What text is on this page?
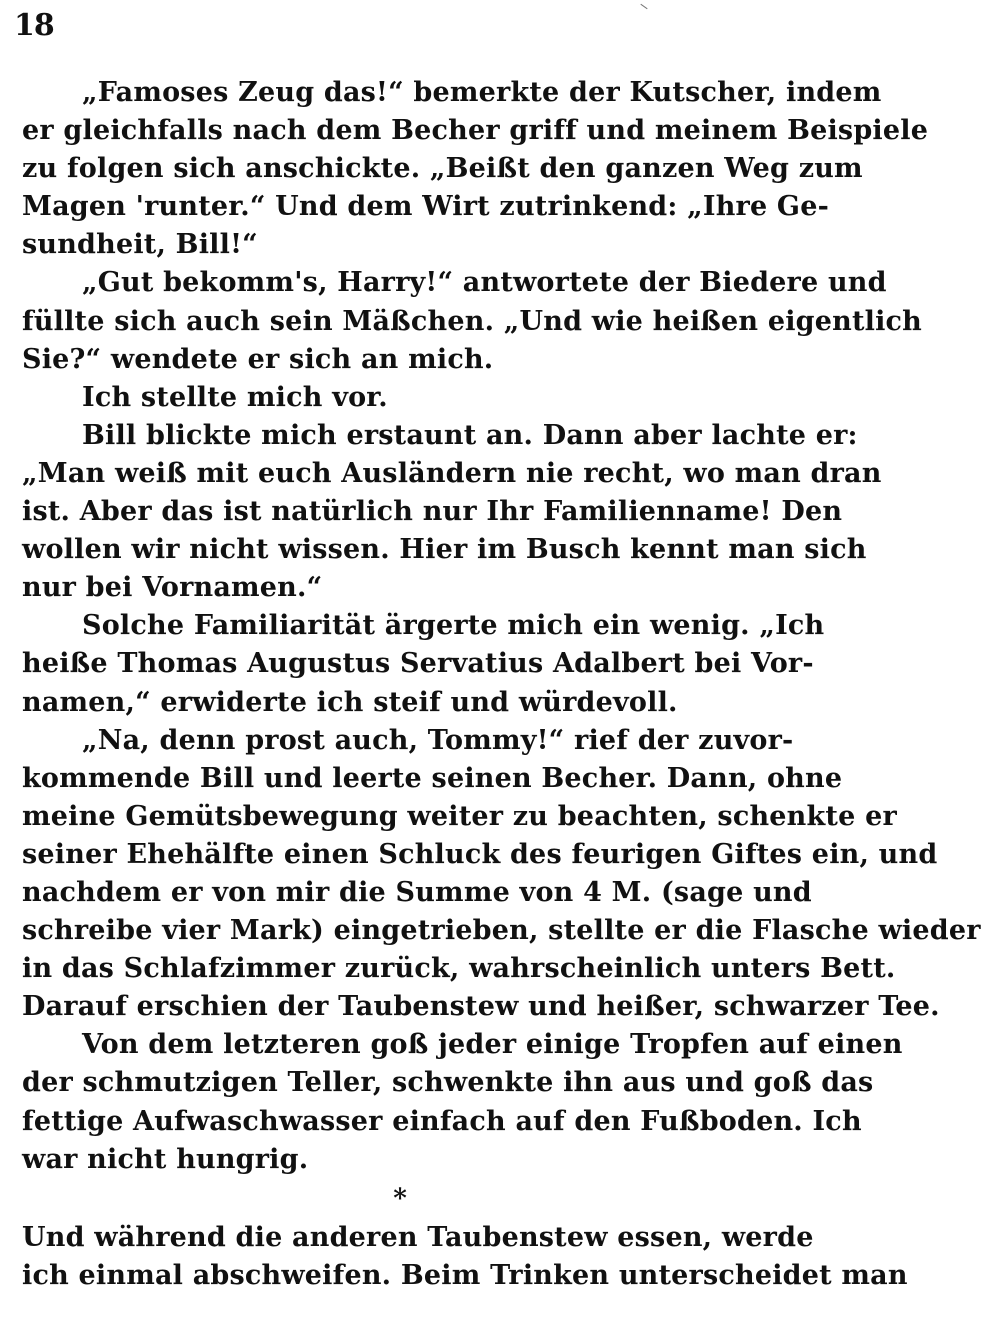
18
„Famoses Zeug das!“ bemerkte der Kutscher, indem
er gleichfalls nach dem Becher griff und meinem Beispiele
zu folgen sich anschickte. „Beißt den ganzen Weg zum
Magen 'runter.“ Und dem Wirt zutrinkend: „Ihre Ge-
sundheit, Bill!“
„Gut bekomm's, Harry!“ antwortete der Biedere und
füllte sich auch sein Mäßchen. „Und wie heißen eigentlich
Sie?“ wendete er sich an mich.
Ich stellte mich vor.
Bill blickte mich erstaunt an. Dann aber lachte er:
„Man weiß mit euch Ausländern nie recht, wo man dran
ist. Aber das ist natürlich nur Ihr Familienname! Den
wollen wir nicht wissen. Hier im Busch kennt man sich
nur bei Vornamen.“
Solche Familiarität ärgerte mich ein wenig. „Ich
heiße Thomas Augustus Servatius Adalbert bei Vor-
namen,“ erwiderte ich steif und würdevoll.
„Na, denn prost auch, Tommy!“ rief der zuvor-
kommende Bill und leerte seinen Becher. Dann, ohne
meine Gemütsbewegung weiter zu beachten, schenkte er
seiner Ehehälfte einen Schluck des feurigen Giftes ein, und
nachdem er von mir die Summe von 4 M. (sage und
schreibe vier Mark) eingetrieben, stellte er die Flasche wieder
in das Schlafzimmer zurück, wahrscheinlich unters Bett.
Darauf erschien der Taubenstew und heißer, schwarzer Tee.
Von dem letzteren goß jeder einige Tropfen auf einen
der schmutzigen Teller, schwenkte ihn aus und goß das
fettige Aufwaschwasser einfach auf den Fußboden. Ich
war nicht hungrig.
*
Und während die anderen Taubenstew essen, werde
ich einmal abschweifen. Beim Trinken unterscheidet man
